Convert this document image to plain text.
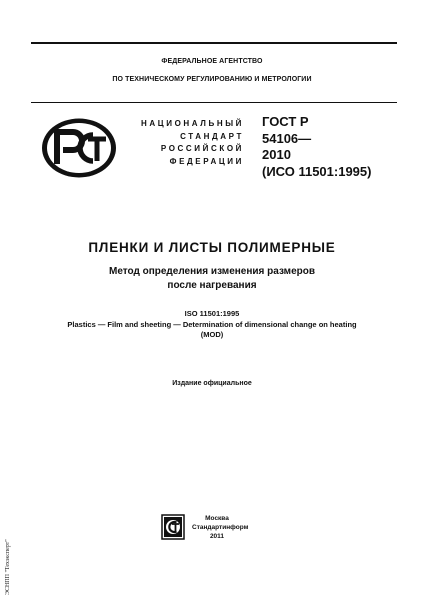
ФЕДЕРАЛЬНОЕ АГЕНТСТВО
ПО ТЕХНИЧЕСКОМУ РЕГУЛИРОВАНИЮ И МЕТРОЛОГИИ
НАЦИОНАЛЬНЫЙ
СТАНДАРТ
РОССИЙСКОЙ
ФЕДЕРАЦИИ
ГОСТ Р
54106—
2010
(ИСО 11501:1995)
ПЛЕНКИ И ЛИСТЫ ПОЛИМЕРНЫЕ
Метод определения изменения размеров
после нагревания
ISO 11501:1995
Plastics — Film and sheeting — Determination of dimensional change on heating
(MOD)
Издание официальное
Москва
Стандартинформ
2011
ЭСНПП "Техэксперт"
